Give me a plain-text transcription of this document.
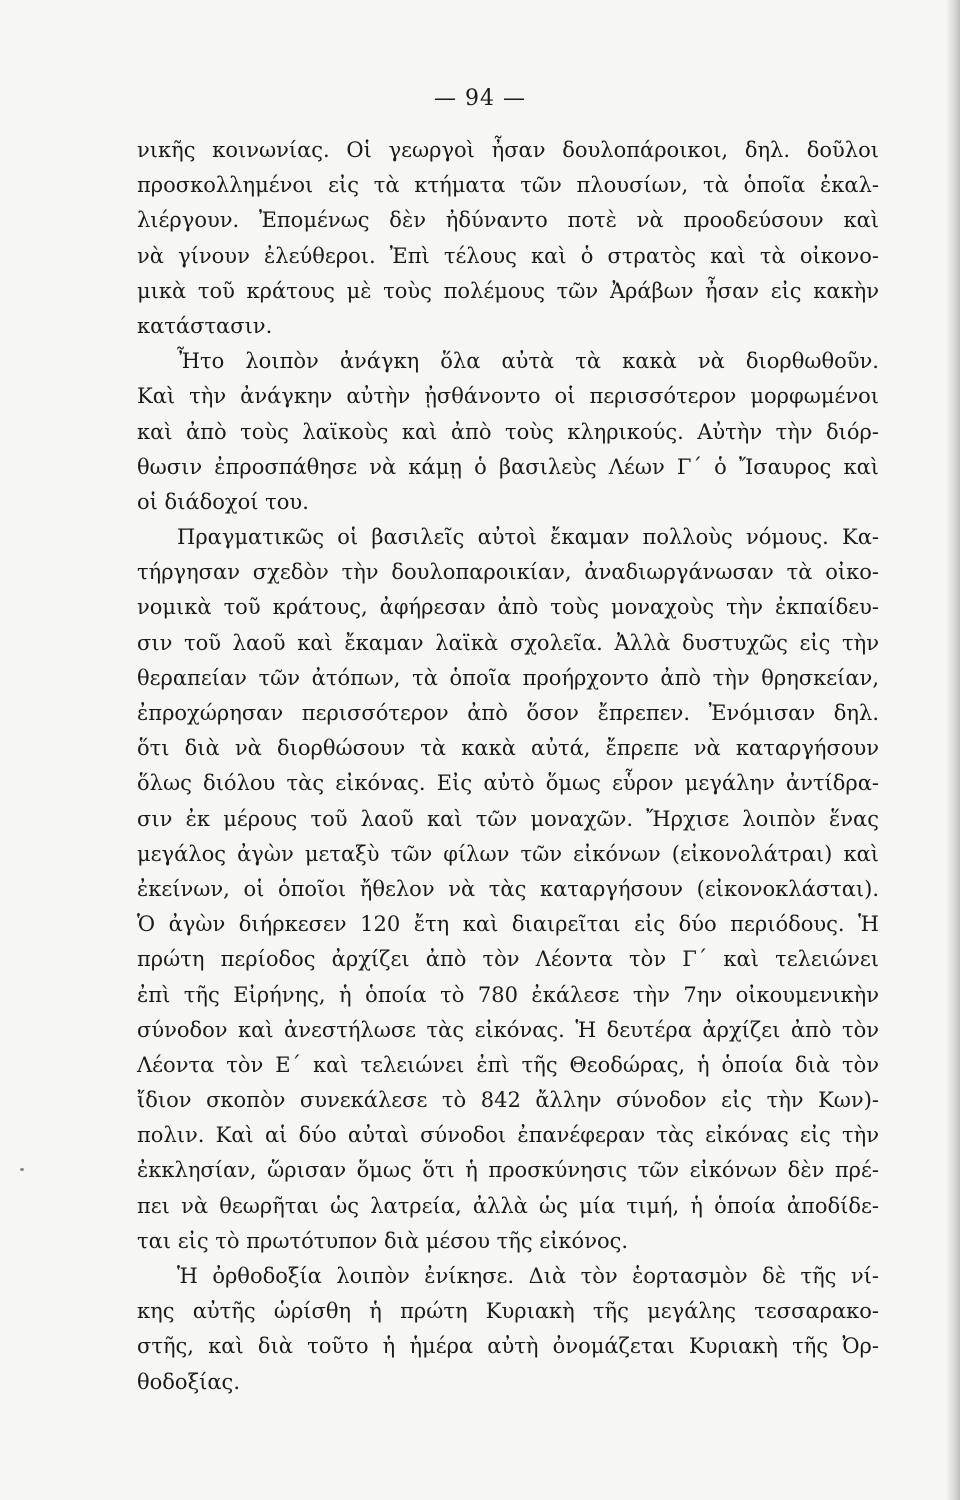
— 94 —
νικῆς κοινωνίας. Οἱ γεωργοὶ ἦσαν δουλοπάροικοι, δηλ. δοῦλοι
προσκολλημένοι εἰς τὰ κτήματα τῶν πλουσίων, τὰ ὁποῖα ἐκαλ-
λιέργουν. Ἐπομένως δὲν ἠδύναντο ποτὲ νὰ προοδεύσουν καὶ
νὰ γίνουν ἐλεύθεροι. Ἐπὶ τέλους καὶ ὁ στρατὸς καὶ τὰ οἰκονο-
μικὰ τοῦ κράτους μὲ τοὺς πολέμους τῶν Ἀράβων ἦσαν εἰς κακὴν
κατάστασιν.
Ἦτο λοιπὸν ἀνάγκη ὅλα αὐτὰ τὰ κακὰ νὰ διορθωθοῦν.
Καὶ τὴν ἀνάγκην αὐτὴν ᾐσθάνοντο οἱ περισσότερον μορφωμένοι
καὶ ἀπὸ τοὺς λαϊκοὺς καὶ ἀπὸ τοὺς κληρικούς. Αὐτὴν τὴν διόρ-
θωσιν ἐπροσπάθησε νὰ κάμῃ ὁ βασιλεὺς Λέων Γ΄ ὁ Ἴσαυρος καὶ
οἱ διάδοχοί του.
Πραγματικῶς οἱ βασιλεῖς αὐτοὶ ἔκαμαν πολλοὺς νόμους. Κα-
τήργησαν σχεδὸν τὴν δουλοπαροικίαν, ἀναδιωργάνωσαν τὰ οἰκο-
νομικὰ τοῦ κράτους, ἀφήρεσαν ἀπὸ τοὺς μοναχοὺς τὴν ἐκπαίδευ-
σιν τοῦ λαοῦ καὶ ἔκαμαν λαϊκὰ σχολεῖα. Ἀλλὰ δυστυχῶς εἰς τὴν
θεραπείαν τῶν ἀτόπων, τὰ ὁποῖα προήρχοντο ἀπὸ τὴν θρησκείαν,
ἐπροχώρησαν περισσότερον ἀπὸ ὅσον ἔπρεπεν. Ἐνόμισαν δηλ.
ὅτι διὰ νὰ διορθώσουν τὰ κακὰ αὐτά, ἔπρεπε νὰ καταργήσουν
ὅλως διόλου τὰς εἰκόνας. Εἰς αὐτὸ ὅμως εὗρον μεγάλην ἀντίδρα-
σιν ἐκ μέρους τοῦ λαοῦ καὶ τῶν μοναχῶν. Ἤρχισε λοιπὸν ἕνας
μεγάλος ἀγὼν μεταξὺ τῶν φίλων τῶν εἰκόνων (εἰκονολάτραι) καὶ
ἐκείνων, οἱ ὁποῖοι ἤθελον νὰ τὰς καταργήσουν (εἰκονοκλάσται).
Ὁ ἀγὼν διήρκεσεν 120 ἔτη καὶ διαιρεῖται εἰς δύο περιόδους. Ἡ
πρώτη περίοδος ἀρχίζει ἀπὸ τὸν Λέοντα τὸν Γ΄ καὶ τελειώνει
ἐπὶ τῆς Εἰρήνης, ἡ ὁποία τὸ 780 ἐκάλεσε τὴν 7ην οἰκουμενικὴν
σύνοδον καὶ ἀνεστήλωσε τὰς εἰκόνας. Ἡ δευτέρα ἀρχίζει ἀπὸ τὸν
Λέοντα τὸν Ε΄ καὶ τελειώνει ἐπὶ τῆς Θεοδώρας, ἡ ὁποία διὰ τὸν
ἴδιον σκοπὸν συνεκάλεσε τὸ 842 ἄλλην σύνοδον εἰς τὴν Κων)-
πολιν. Καὶ αἱ δύο αὐταὶ σύνοδοι ἐπανέφεραν τὰς εἰκόνας εἰς τὴν
ἐκκλησίαν, ὥρισαν ὅμως ὅτι ἡ προσκύνησις τῶν εἰκόνων δὲν πρέ-
πει νὰ θεωρῆται ὡς λατρεία, ἀλλὰ ὡς μία τιμή, ἡ ὁποία ἀποδίδε-
ται εἰς τὸ πρωτότυπον διὰ μέσου τῆς εἰκόνος.
Ἡ ὀρθοδοξία λοιπὸν ἐνίκησε. Διὰ τὸν ἑορτασμὸν δὲ τῆς νί-
κης αὐτῆς ὡρίσθη ἡ πρώτη Κυριακὴ τῆς μεγάλης τεσσαρακο-
στῆς, καὶ διὰ τοῦτο ἡ ἡμέρα αὐτὴ ὀνομάζεται Κυριακὴ τῆς Ὀρ-
θοδοξίας.
